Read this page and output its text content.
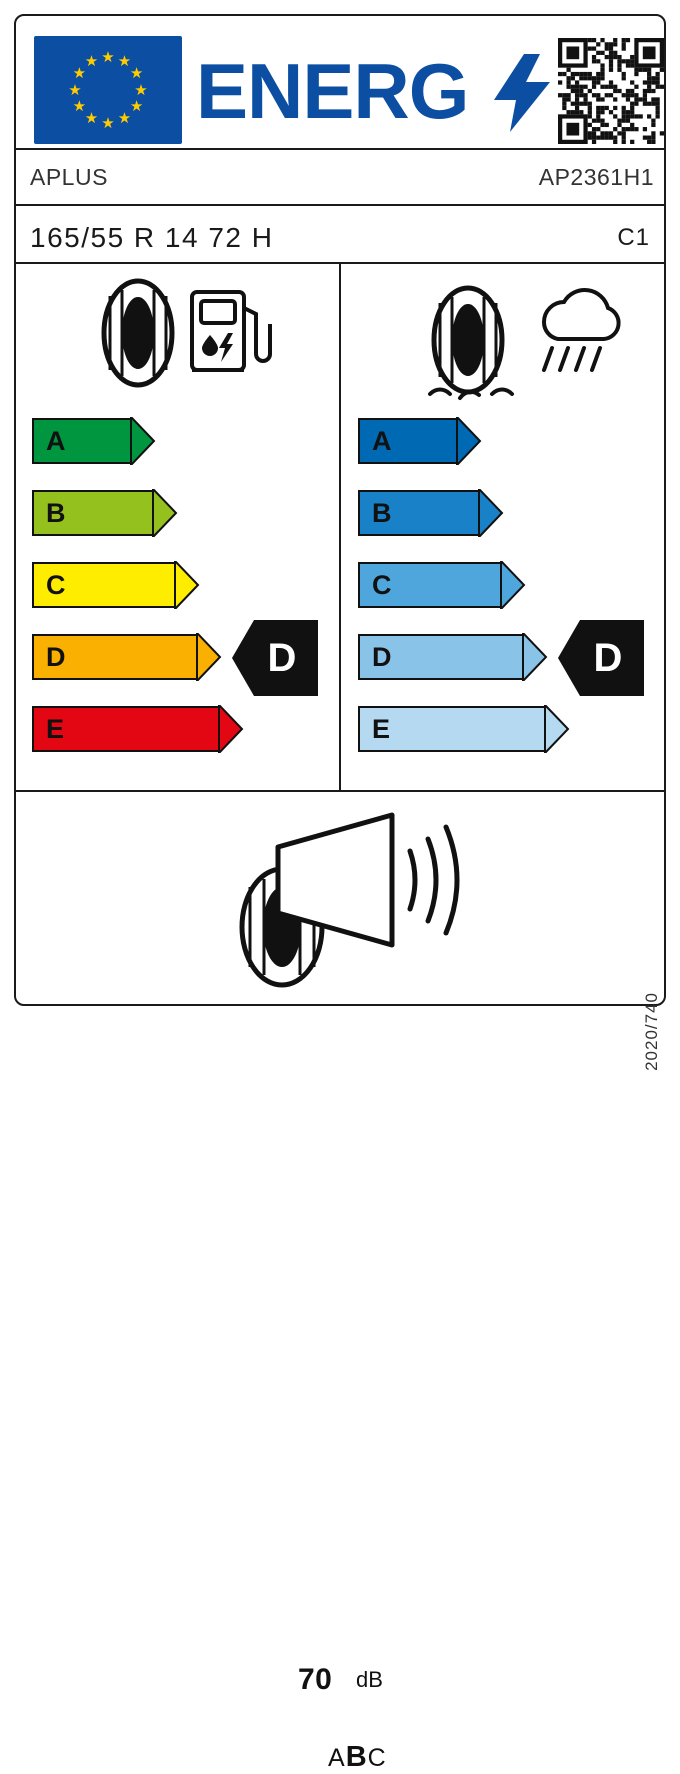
★ ★
★
★
★
★
★
★
★
★
★
★ ENERG
APLUS	AP2361H1
165/55 R 14 72 H	C1
A
B
C
D
E
D
A
B
C
D
E
D
70 dB
ABC
2020/740
